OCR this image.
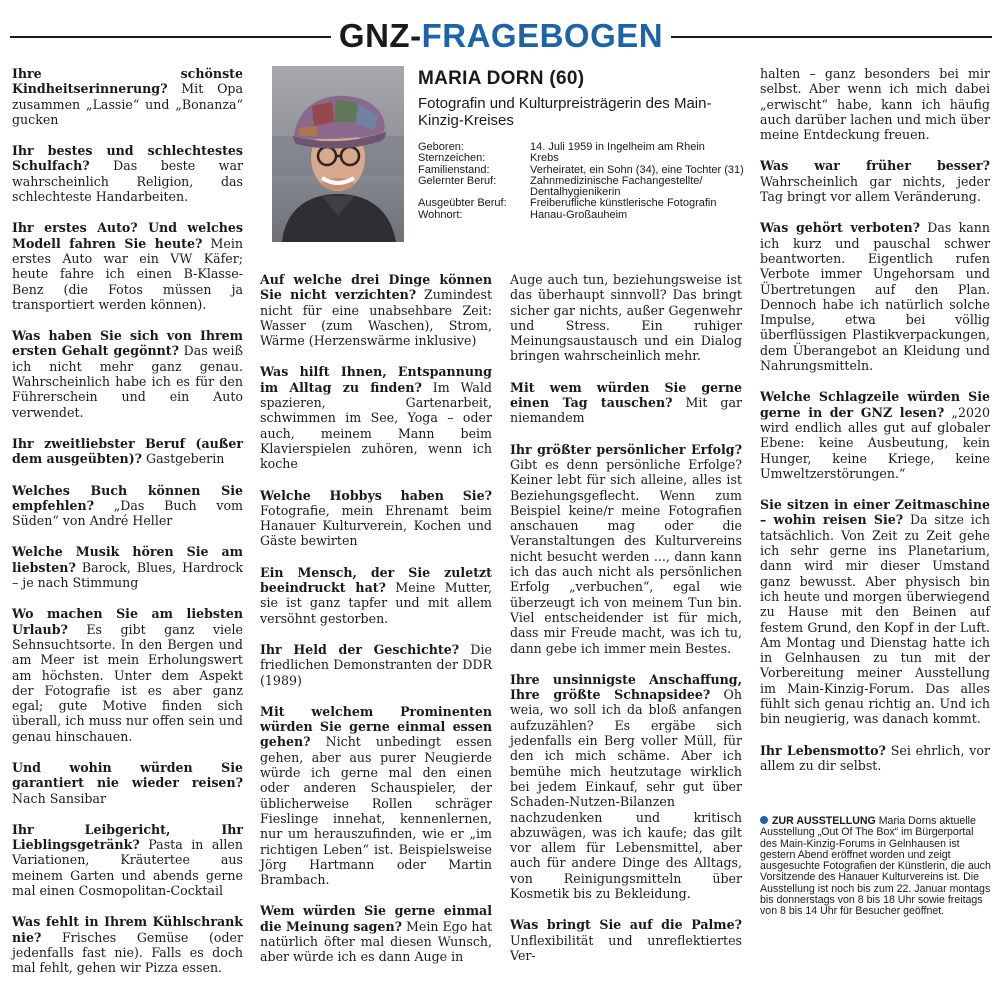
GNZ-FRAGEBOGEN
MARIA DORN (60)
Fotografin und Kulturpreisträgerin des Main-Kinzig-Kreises
Geboren:	14. Juli 1959 in Ingelheim am Rhein
Sternzeichen:	Krebs
Familienstand:	Verheiratet, ein Sohn (34), eine Tochter (31)
Gelernter Beruf:	Zahnmedizinische Fachangestellte/ Dentalhygienikerin
Ausgeübter Beruf:	Freiberufliche künstlerische Fotografin
Wohnort:	Hanau-Großauheim

Ihre schönste Kindheitserinnerung? Mit Opa zusammen „Lassie“ und „Bonanza“ gucken

Ihr bestes und schlechtestes Schulfach? Das beste war wahrscheinlich Religion, das schlechteste Handarbeiten.

Ihr erstes Auto? Und welches Modell fahren Sie heute? Mein erstes Auto war ein VW Käfer; heute fahre ich einen B-Klasse-Benz (die Fotos müssen ja transportiert werden können).

Was haben Sie sich von Ihrem ersten Gehalt gegönnt? Das weiß ich nicht mehr ganz genau. Wahrscheinlich habe ich es für den Führerschein und ein Auto verwendet.

Ihr zweitliebster Beruf (außer dem ausgeübten)? Gastgeberin

Welches Buch können Sie empfehlen? „Das Buch vom Süden“ von André Heller

Welche Musik hören Sie am liebsten? Barock, Blues, Hardrock – je nach Stimmung

Wo machen Sie am liebsten Urlaub? Es gibt ganz viele Sehnsuchtsorte. In den Bergen und am Meer ist mein Erholungswert am höchsten. Unter dem Aspekt der Fotografie ist es aber ganz egal; gute Motive finden sich überall, ich muss nur offen sein und genau hinschauen.

Und wohin würden Sie garantiert nie wieder reisen? Nach Sansibar

Ihr Leibgericht, Ihr Lieblingsgetränk? Pasta in allen Variationen, Kräutertee aus meinem Garten und abends gerne mal einen Cosmopolitan-Cocktail

Was fehlt in Ihrem Kühlschrank nie? Frisches Gemüse (oder jedenfalls fast nie). Falls es doch mal fehlt, gehen wir Pizza essen.

Auf welche drei Dinge können Sie nicht verzichten? Zumindest nicht für eine unabsehbare Zeit: Wasser (zum Waschen), Strom, Wärme (Herzenswärme inklusive)

Was hilft Ihnen, Entspannung im Alltag zu finden? Im Wald spazieren, Gartenarbeit, schwimmen im See, Yoga – oder auch, meinem Mann beim Klavierspielen zuhören, wenn ich koche

Welche Hobbys haben Sie? Fotografie, mein Ehrenamt beim Hanauer Kulturverein, Kochen und Gäste bewirten

Ein Mensch, der Sie zuletzt beeindruckt hat? Meine Mutter, sie ist ganz tapfer und mit allem versöhnt gestorben.

Ihr Held der Geschichte? Die friedlichen Demonstranten der DDR (1989)

Mit welchem Prominenten würden Sie gerne einmal essen gehen? Nicht unbedingt essen gehen, aber aus purer Neugierde würde ich gerne mal den einen oder anderen Schauspieler, der üblicherweise Rollen schräger Fieslinge innehat, kennenlernen, nur um herauszufinden, wie er „im richtigen Leben“ ist. Beispielsweise Jörg Hartmann oder Martin Brambach.

Wem würden Sie gerne einmal die Meinung sagen? Mein Ego hat natürlich öfter mal diesen Wunsch, aber würde ich es dann Auge in

Auge auch tun, beziehungsweise ist das überhaupt sinnvoll? Das bringt sicher gar nichts, außer Gegenwehr und Stress. Ein ruhiger Meinungsaustausch und ein Dialog bringen wahrscheinlich mehr.

Mit wem würden Sie gerne einen Tag tauschen? Mit gar niemandem

Ihr größter persönlicher Erfolg? Gibt es denn persönliche Erfolge? Keiner lebt für sich alleine, alles ist Beziehungsgeflecht. Wenn zum Beispiel keine/r meine Fotografien anschauen mag oder die Veranstaltungen des Kulturvereins nicht besucht werden ..., dann kann ich das auch nicht als persönlichen Erfolg „verbuchen“, egal wie überzeugt ich von meinem Tun bin. Viel entscheidender ist für mich, dass mir Freude macht, was ich tu, dann gebe ich immer mein Bestes.

Ihre unsinnigste Anschaffung, Ihre größte Schnapsidee? Oh weia, wo soll ich da bloß anfangen aufzuzählen? Es ergäbe sich jedenfalls ein Berg voller Müll, für den ich mich schäme. Aber ich bemühe mich heutzutage wirklich bei jedem Einkauf, sehr gut über Schaden-Nutzen-Bilanzen nachzudenken und kritisch abzuwägen, was ich kaufe; das gilt vor allem für Lebensmittel, aber auch für andere Dinge des Alltags, von Reinigungsmitteln über Kosmetik bis zu Bekleidung.

Was bringt Sie auf die Palme? Unflexibilität und unreflektiertes Ver-

halten – ganz besonders bei mir selbst. Aber wenn ich mich dabei „erwischt“ habe, kann ich häufig auch darüber lachen und mich über meine Entdeckung freuen.

Was war früher besser? Wahrscheinlich gar nichts, jeder Tag bringt vor allem Veränderung.

Was gehört verboten? Das kann ich kurz und pauschal schwer beantworten. Eigentlich rufen Verbote immer Ungehorsam und Übertretungen auf den Plan. Dennoch habe ich natürlich solche Impulse, etwa bei völlig überflüssigen Plastikverpackungen, dem Überangebot an Kleidung und Nahrungsmitteln.

Welche Schlagzeile würden Sie gerne in der GNZ lesen? „2020 wird endlich alles gut auf globaler Ebene: keine Ausbeutung, kein Hunger, keine Kriege, keine Umweltzerstörungen.“

Sie sitzen in einer Zeitmaschine – wohin reisen Sie? Da sitze ich tatsächlich. Von Zeit zu Zeit gehe ich sehr gerne ins Planetarium, dann wird mir dieser Umstand ganz bewusst. Aber physisch bin ich heute und morgen überwiegend zu Hause mit den Beinen auf festem Grund, den Kopf in der Luft. Am Montag und Dienstag hatte ich in Gelnhausen zu tun mit der Vorbereitung meiner Ausstellung im Main-Kinzig-Forum. Das alles fühlt sich genau richtig an. Und ich bin neugierig, was danach kommt.

Ihr Lebensmotto? Sei ehrlich, vor allem zu dir selbst.

ZUR AUSSTELLUNG Maria Dorns aktuelle Ausstellung „Out Of The Box“ im Bürgerportal des Main-Kinzig-Forums in Gelnhausen ist gestern Abend eröffnet worden und zeigt ausgesuchte Fotografien der Künstlerin, die auch Vorsitzende des Hanauer Kulturvereins ist. Die Ausstellung ist noch bis zum 22. Januar montags bis donnerstags von 8 bis 18 Uhr sowie freitags von 8 bis 14 Uhr für Besucher geöffnet.
